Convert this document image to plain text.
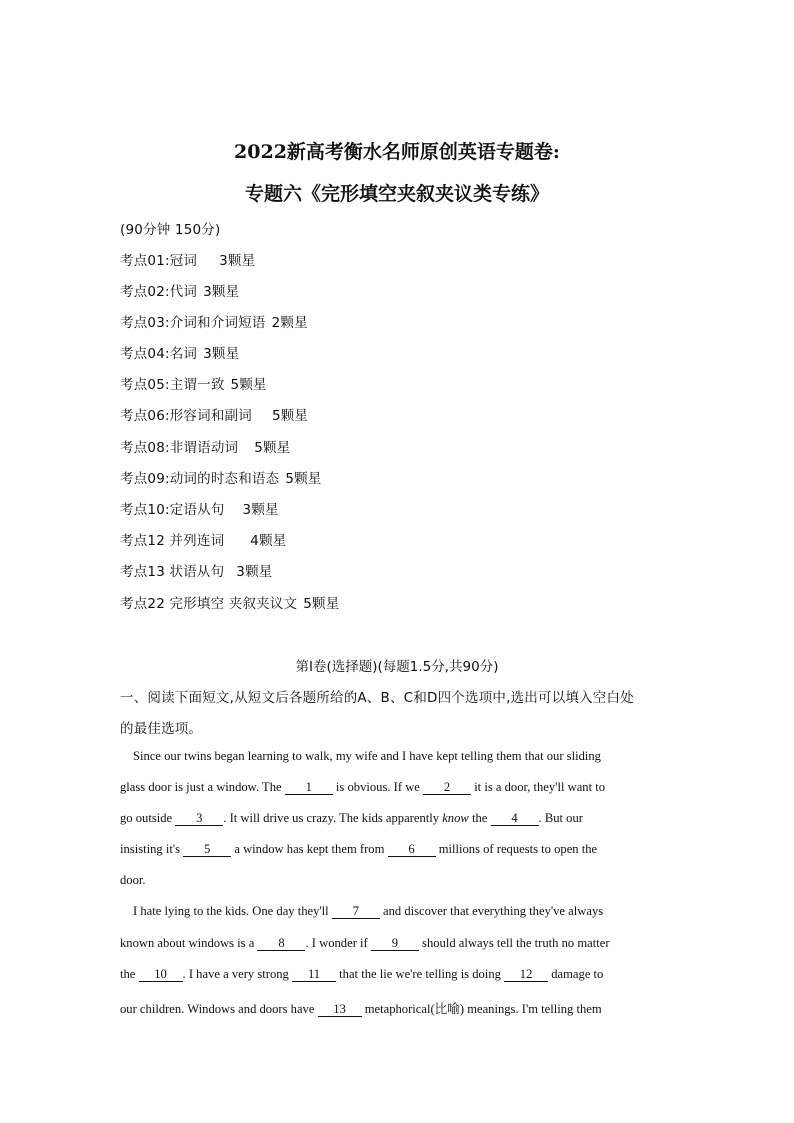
2022新高考衡水名师原创英语专题卷:
专题六《完形填空夹叙夹议类专练》
(90分钟 150分)
考点01:冠词 3颗星
考点02:代词 3颗星
考点03:介词和介词短语 2颗星
考点04:名词 3颗星
考点05:主谓一致 5颗星
考点06:形容词和副词 5颗星
考点08:非谓语动词 5颗星
考点09:动词的时态和语态 5颗星
考点10:定语从句 3颗星
考点12 并列连词 4颗星
考点13 状语从句 3颗星
考点22 完形填空 夹叙夹议文 5颗星
第I卷(选择题)(每题1.5分,共90分)
一、阅读下面短文,从短文后各题所给的A、B、C和D四个选项中,选出可以填入空白处
的最佳选项。
Since our twins began learning to walk, my wife and I have kept telling them that our sliding
glass door is just a window. The 1 is obvious. If we 2 it is a door, they'll want to
go outside 3 . It will drive us crazy. The kids apparently know the 4 . But our
insisting it's 5 a window has kept them from 6 millions of requests to open the
door.
I hate lying to the kids. One day they'll 7 and discover that everything they've always
known about windows is a 8 . I wonder if 9 should always tell the truth no matter
the 10 . I have a very strong 11 that the lie we're telling is doing 12 damage to
our children. Windows and doors have 13 metaphorical(比喻) meanings. I'm telling them
